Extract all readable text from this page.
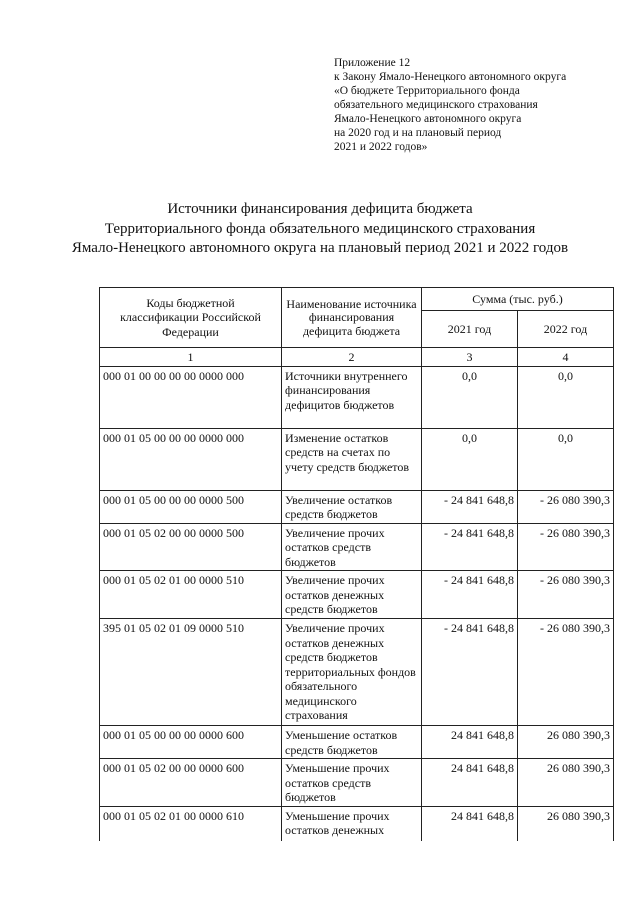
Приложение 12
к Закону Ямало-Ненецкого автономного округа
«О бюджете Территориального фонда
обязательного медицинского страхования
Ямало-Ненецкого автономного округа
на 2020 год и на плановый период
2021 и 2022 годов»
Источники финансирования дефицита бюджета
Территориального фонда обязательного медицинского страхования
Ямало-Ненецкого автономного округа на плановый период 2021 и 2022 годов
Коды бюджетной классификации Российской Федерации	Наименование источника финансирования дефицита бюджета	Сумма (тыс. руб.)	
		2021 год	2022 год
1	2	3	4
000 01 00 00 00 00 0000 000	Источники внутреннего финансирования дефицитов бюджетов	0,0	0,0
000 01 05 00 00 00 0000 000	Изменение остатков средств на счетах по учету средств бюджетов	0,0	0,0
000 01 05 00 00 00 0000 500	Увеличение остатков средств бюджетов	- 24 841 648,8	- 26 080 390,3
000 01 05 02 00 00 0000 500	Увеличение прочих остатков средств бюджетов	- 24 841 648,8	- 26 080 390,3
000 01 05 02 01 00 0000 510	Увеличение прочих остатков денежных средств бюджетов	- 24 841 648,8	- 26 080 390,3
395 01 05 02 01 09 0000 510	Увеличение прочих остатков денежных средств бюджетов территориальных фондов обязательного медицинского страхования	- 24 841 648,8	- 26 080 390,3
000 01 05 00 00 00 0000 600	Уменьшение остатков средств бюджетов	24 841 648,8	26 080 390,3
000 01 05 02 00 00 0000 600	Уменьшение прочих остатков средств бюджетов	24 841 648,8	26 080 390,3
000 01 05 02 01 00 0000 610	Уменьшение прочих остатков денежных	24 841 648,8	26 080 390,3
